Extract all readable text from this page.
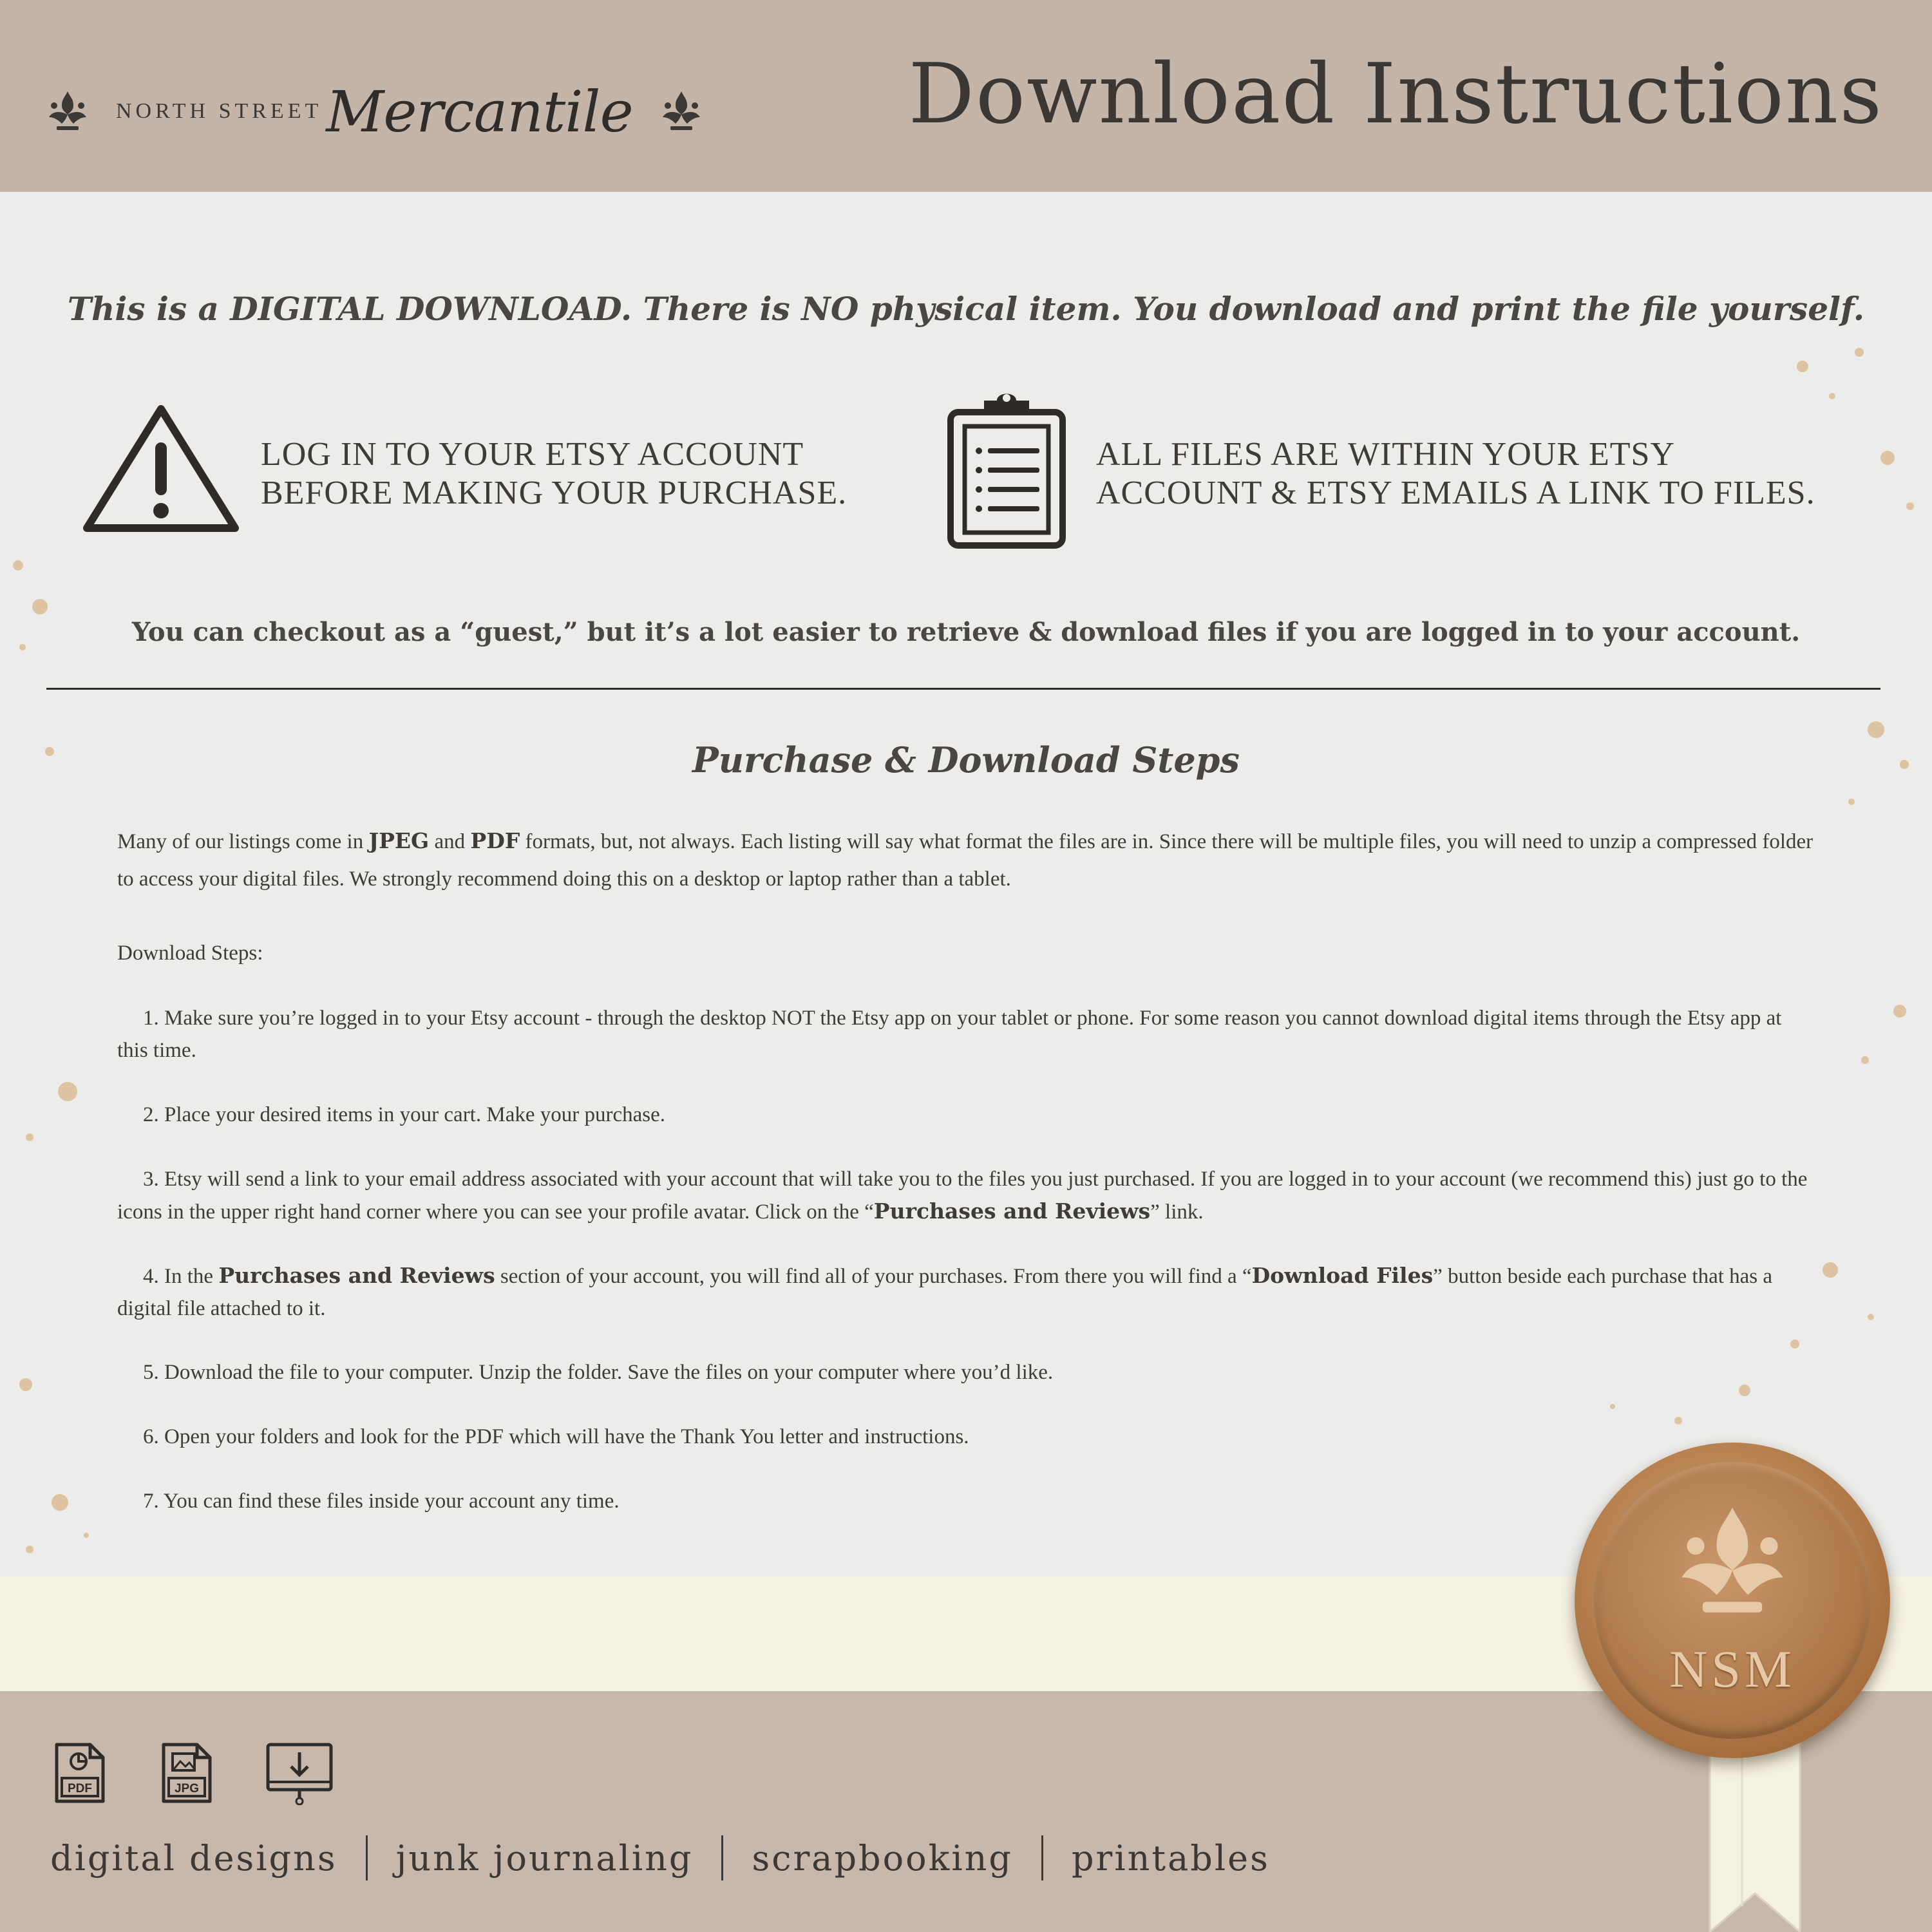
NORTH STREET Mercantile	Download Instructions
This is a DIGITAL DOWNLOAD. There is NO physical item. You download and print the file yourself.
LOG IN TO YOUR ETSY ACCOUNT
BEFORE MAKING YOUR PURCHASE.
ALL FILES ARE WITHIN YOUR ETSY
ACCOUNT & ETSY EMAILS A LINK TO FILES.
You can checkout as a “guest,” but it’s a lot easier to retrieve & download files if you are logged in to your account.
Purchase & Download Steps
Many of our listings come in JPEG and PDF formats, but, not always. Each listing will say what format the files are in. Since there will be multiple files, you will need to unzip a compressed folder to access your digital files. We strongly recommend doing this on a desktop or laptop rather than a tablet.
Download Steps:
1. Make sure you’re logged in to your Etsy account - through the desktop NOT the Etsy app on your tablet or phone. For some reason you cannot download digital items through the Etsy app at this time.
2. Place your desired items in your cart. Make your purchase.
3. Etsy will send a link to your email address associated with your account that will take you to the files you just purchased. If you are logged in to your account (we recommend this) just go to the icons in the upper right hand corner where you can see your profile avatar. Click on the “Purchases and Reviews” link.
4. In the Purchases and Reviews section of your account, you will find all of your purchases. From there you will find a “Download Files” button beside each purchase that has a digital file attached to it.
5. Download the file to your computer. Unzip the folder. Save the files on your computer where you’d like.
6. Open your folders and look for the PDF which will have the Thank You letter and instructions.
7. You can find these files inside your account any time.
NSM
PDF	JPG
digital designs junk journaling scrapbooking printables
